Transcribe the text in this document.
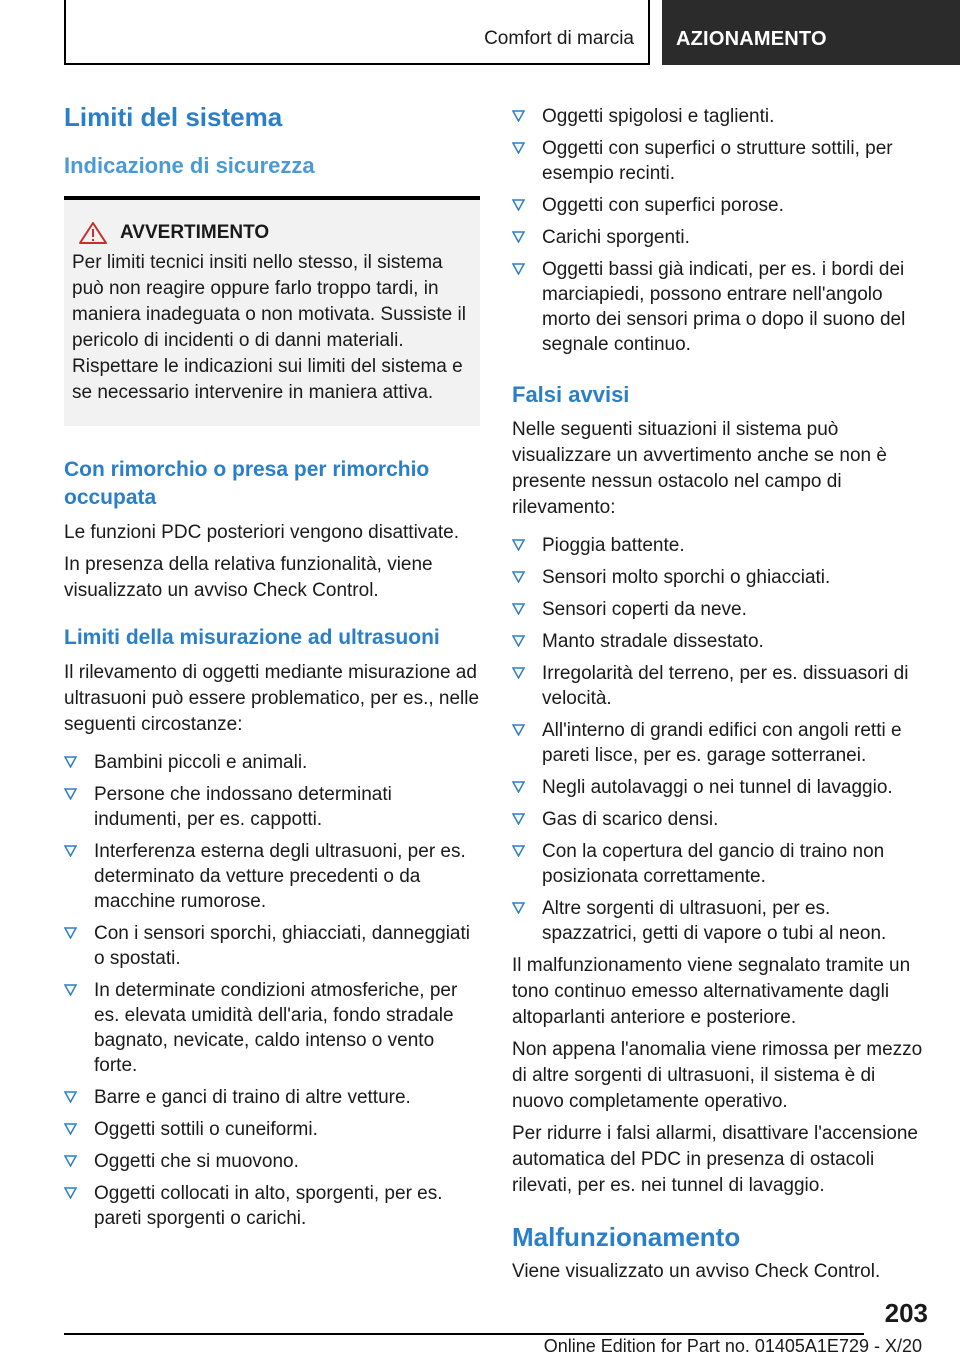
Comfort di marcia AZIONAMENTO
Limiti del sistema
Indicazione di sicurezza
AVVERTIMENTO

Per limiti tecnici insiti nello stesso, il sistema può non reagire oppure farlo troppo tardi, in maniera inadeguata o non motivata. Sussiste il pericolo di incidenti o di danni materiali. Rispettare le indicazioni sui limiti del sistema e se necessario intervenire in maniera attiva.

Con rimorchio o presa per rimorchio occupata

Le funzioni PDC posteriori vengono disattivate.

In presenza della relativa funzionalità, viene visualizzato un avviso Check Control.

Limiti della misurazione ad ultrasuoni

Il rilevamento di oggetti mediante misurazione ad ultrasuoni può essere problematico, per es., nelle seguenti circostanze:

Bambini piccoli e animali.
Persone che indossano determinati indumenti, per es. cappotti.
Interferenza esterna degli ultrasuoni, per es. determinato da vetture precedenti o da macchine rumorose.
Con i sensori sporchi, ghiacciati, danneggiati o spostati.
In determinate condizioni atmosferiche, per es. elevata umidità dell'aria, fondo stradale bagnato, nevicate, caldo intenso o vento forte.
Barre e ganci di traino di altre vetture.
Oggetti sottili o cuneiformi.
Oggetti che si muovono.
Oggetti collocati in alto, sporgenti, per es. pareti sporgenti o carichi.
Oggetti spigolosi e taglienti.
Oggetti con superfici o strutture sottili, per esempio recinti.
Oggetti con superfici porose.
Carichi sporgenti.
Oggetti bassi già indicati, per es. i bordi dei marciapiedi, possono entrare nell'angolo morto dei sensori prima o dopo il suono del segnale continuo.
Falsi avvisi

Nelle seguenti situazioni il sistema può visualizzare un avvertimento anche se non è presente nessun ostacolo nel campo di rilevamento:

Pioggia battente.
Sensori molto sporchi o ghiacciati.
Sensori coperti da neve.
Manto stradale dissestato.
Irregolarità del terreno, per es. dissuasori di velocità.
All'interno di grandi edifici con angoli retti e pareti lisce, per es. garage sotterranei.
Negli autolavaggi o nei tunnel di lavaggio.
Gas di scarico densi.
Con la copertura del gancio di traino non posizionata correttamente.
Altre sorgenti di ultrasuoni, per es. spazzatrici, getti di vapore o tubi al neon.

Il malfunzionamento viene segnalato tramite un tono continuo emesso alternativamente dagli altoparlanti anteriore e posteriore.

Non appena l'anomalia viene rimossa per mezzo di altre sorgenti di ultrasuoni, il sistema è di nuovo completamente operativo.

Per ridurre i falsi allarmi, disattivare l'accensione automatica del PDC in presenza di ostacoli rilevati, per es. nei tunnel di lavaggio.

Malfunzionamento

Viene visualizzato un avviso Check Control.

203
Online Edition for Part no. 01405A1E729 - X/20
